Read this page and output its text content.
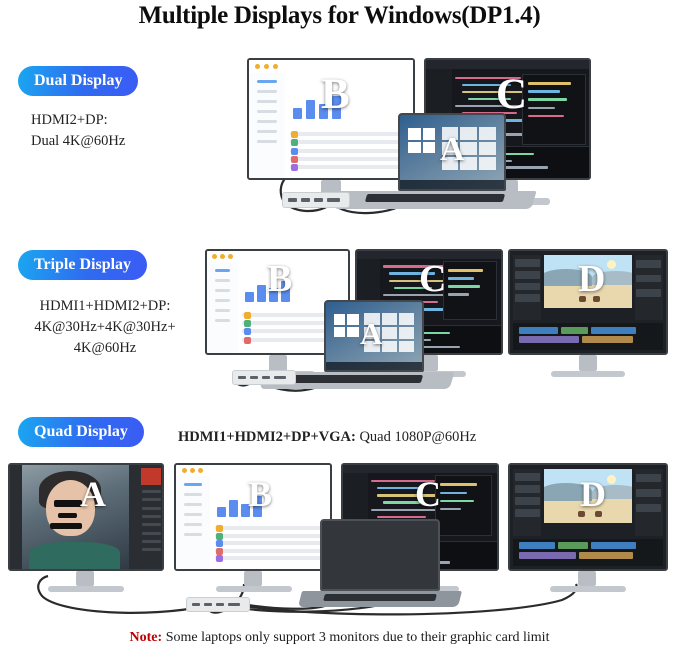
Multiple Displays for Windows(DP1.4)
Dual Display
HDMI2+DP:
Dual 4K@60Hz
B	C
A
Triple Display
HDMI1+HDMI2+DP:
4K@30Hz+4K@30Hz+
4K@60Hz
B	C	D
A
Quad Display	HDMI1+HDMI2+DP+VGA: Quad 1080P@60Hz
A	B	C	D
Note: Some laptops only support 3 monitors due to their graphic card limit
